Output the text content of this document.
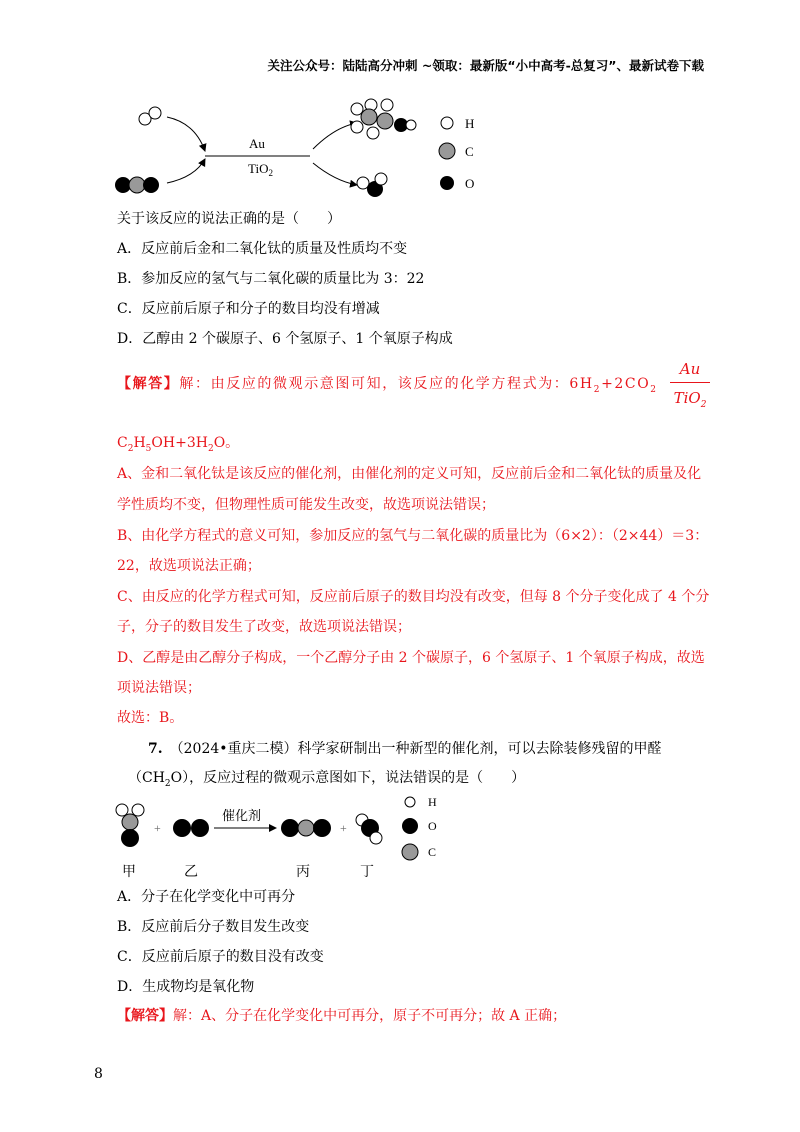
关注公众号：陆陆高分冲刺 ~领取：最新版“小中高考-总复习”、最新试卷下载
Au
TiO$_2$
H
C
O
关于该反应的说法正确的是（　　）
A．反应前后金和二氧化钛的质量及性质均不变
B．参加反应的氢气与二氧化碳的质量比为 3：22
C．反应前后原子和分子的数目均没有增减
D．乙醇由 2 个碳原子、6 个氢原子、1 个氧原子构成
【解答】解：由反应的微观示意图可知，该反应的化学方程式为：$6H_2+2CO_2$
Au
TiO$_2$
$C_2H_5OH+3H_2O$。
A、金和二氧化钛是该反应的催化剂，由催化剂的定义可知，反应前后金和二氧化钛的质量及化
学性质均不变，但物理性质可能发生改变，故选项说法错误；
B、由化学方程式的意义可知，参加反应的氢气与二氧化碳的质量比为（6×2）：（2×44）＝3：
22，故选项说法正确；
C、由反应的化学方程式可知，反应前后原子的数目均没有改变，但每 8 个分子变化成了 4 个分
子，分子的数目发生了改变，故选项说法错误；
D、乙醇是由乙醇分子构成，一个乙醇分子由 2 个碳原子，6 个氢原子、1 个氧原子构成，故选
项说法错误；
故选：B。
7.　 （2024•重庆二模）科学家研制出一种新型的催化剂，可以去除装修残留的甲醛
$(CH_2O)$，反应过程的微观示意图如下，说法错误的是（　　）
+
催化剂
+
甲	乙	丙	丁
H
O
C
A．分子在化学变化中可再分
B．反应前后分子数目发生改变
C．反应前后原子的数目没有改变
D．生成物均是氧化物
【解答】解：A、分子在化学变化中可再分，原子不可再分；故 A 正确；
8
